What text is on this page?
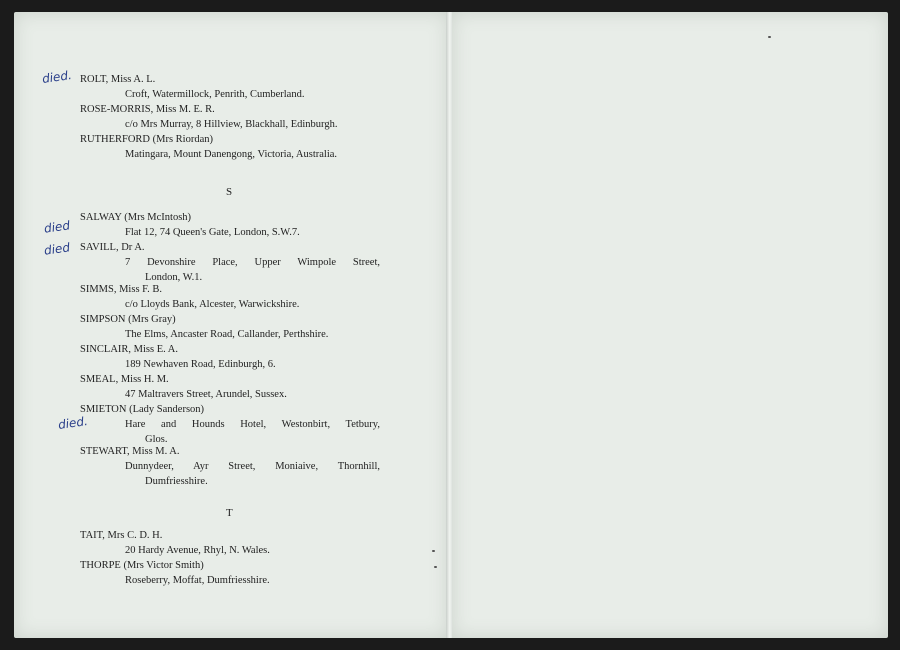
ROLT, Miss A. L.
Croft, Watermillock, Penrith, Cumberland.
died.
ROSE-MORRIS, Miss M. E. R.
c/o Mrs Murray, 8 Hillview, Blackhall, Edinburgh.
RUTHERFORD (Mrs Riordan)
Matingara, Mount Danengong, Victoria, Australia.
S
SALWAY (Mrs McIntosh)
Flat 12, 74 Queen's Gate, London, S.W.7.
died
SAVILL, Dr A.
7 Devonshire Place, Upper Wimpole Street,
London, W.1.
died
SIMMS, Miss F. B.
c/o Lloyds Bank, Alcester, Warwickshire.
SIMPSON (Mrs Gray)
The Elms, Ancaster Road, Callander, Perthshire.
SINCLAIR, Miss E. A.
189 Newhaven Road, Edinburgh, 6.
SMEAL, Miss H. M.
47 Maltravers Street, Arundel, Sussex.
SMIETON (Lady Sanderson)
Hare and Hounds Hotel, Westonbirt, Tetbury,
Glos.
died.
STEWART, Miss M. A.
Dunnydeer, Ayr Street, Moniaive, Thornhill,
Dumfriesshire.
T
TAIT, Mrs C. D. H.
20 Hardy Avenue, Rhyl, N. Wales.
THORPE (Mrs Victor Smith)
Roseberry, Moffat, Dumfriesshire.
